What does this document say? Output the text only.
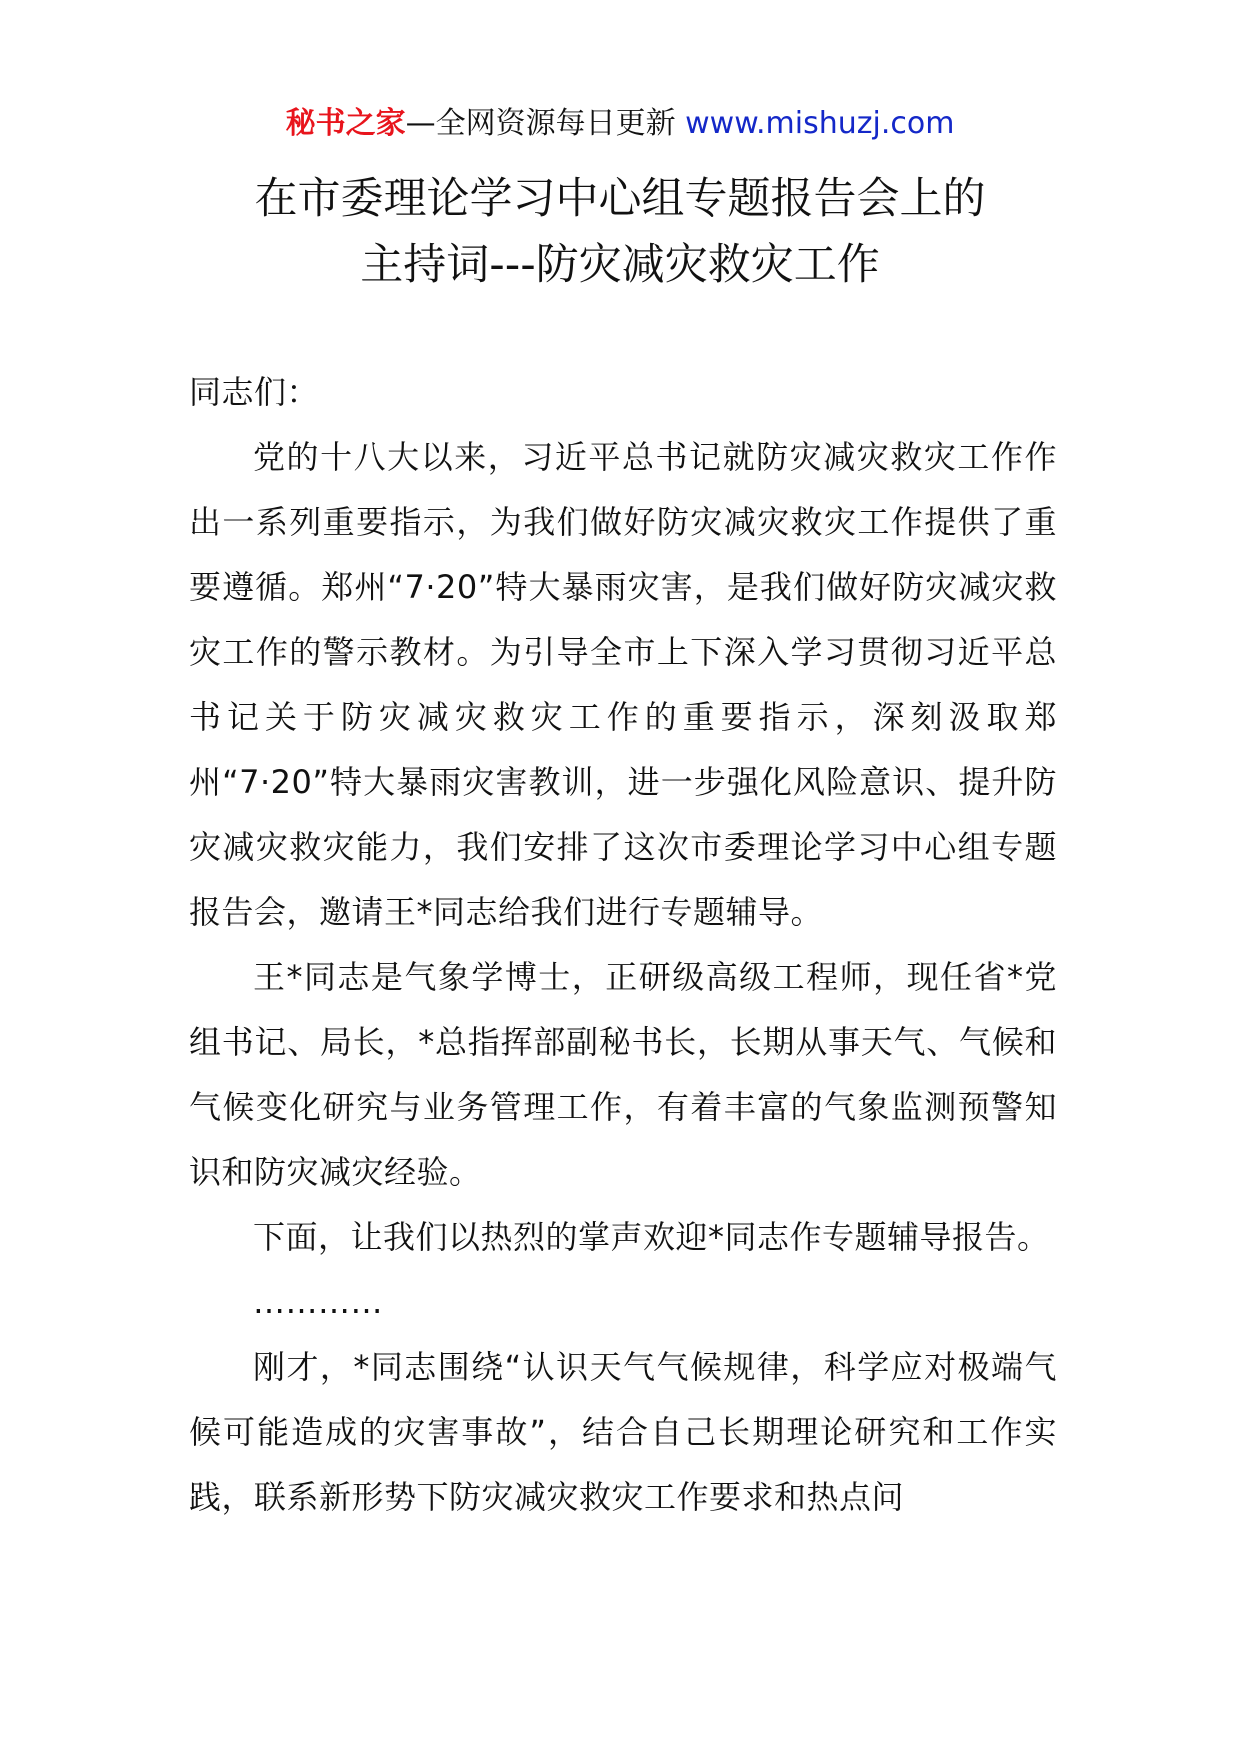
秘书之家—全网资源每日更新 www.mishuzj.com
在市委理论学习中心组专题报告会上的
主持词---防灾减灾救灾工作

同志们：

党的十八大以来，习近平总书记就防灾减灾救灾工作作出一系列重要指示，为我们做好防灾减灾救灾工作提供了重要遵循。郑州“7·20”特大暴雨灾害，是我们做好防灾减灾救灾工作的警示教材。为引导全市上下深入学习贯彻习近平总书记关于防灾减灾救灾工作的重要指示，深刻汲取郑州“7·20”特大暴雨灾害教训，进一步强化风险意识、提升防灾减灾救灾能力，我们安排了这次市委理论学习中心组专题报告会，邀请王*同志给我们进行专题辅导。

王*同志是气象学博士，正研级高级工程师，现任省*党组书记、局长，*总指挥部副秘书长，长期从事天气、气候和气候变化研究与业务管理工作，有着丰富的气象监测预警知识和防灾减灾经验。

下面，让我们以热烈的掌声欢迎*同志作专题辅导报告。

…………

刚才，*同志围绕“认识天气气候规律，科学应对极端气候可能造成的灾害事故”，结合自己长期理论研究和工作实践，联系新形势下防灾减灾救灾工作要求和热点问
